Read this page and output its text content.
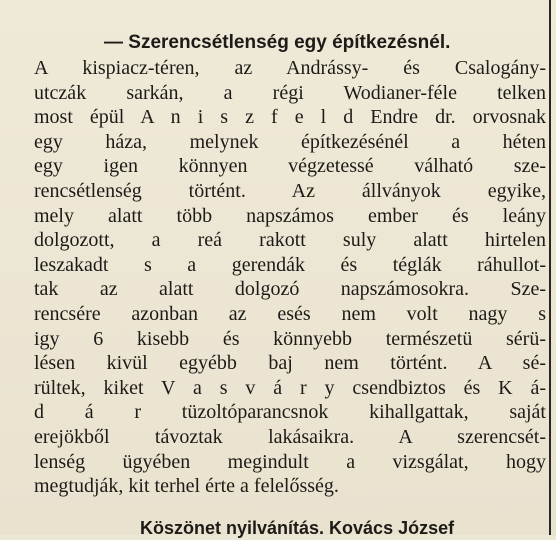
— Szerencsétlenség egy építkezésnél.
A kispiacz-téren, az Andrássy- és Csalogány-
utczák sarkán, a régi Wodianer-féle telken
most épül A n i s z f e l d Endre dr. orvosnak
egy háza, melynek építkezésénél a héten
egy igen könnyen végzetessé válható sze-
rencsétlenség történt. Az állványok egyike,
mely alatt több napszámos ember és leány
dolgozott, a reá rakott suly alatt hirtelen
leszakadt s a gerendák és téglák ráhullot-
tak az alatt dolgozó napszámosokra. Sze-
rencsére azonban az esés nem volt nagy s
igy 6 kisebb és könnyebb természetü sérü-
lésen kivül egyébb baj nem történt. A sé-
rültek, kiket V a s v á r y csendbiztos és K á-
d á r tüzoltóparancsnok kihallgattak, saját
erejökből távoztak lakásaikra. A szerencsét-
lenség ügyében megindult a vizsgálat, hogy
megtudják, kit terhel érte a felelősség.
Köszönet nyilvánítás. Kovács József
